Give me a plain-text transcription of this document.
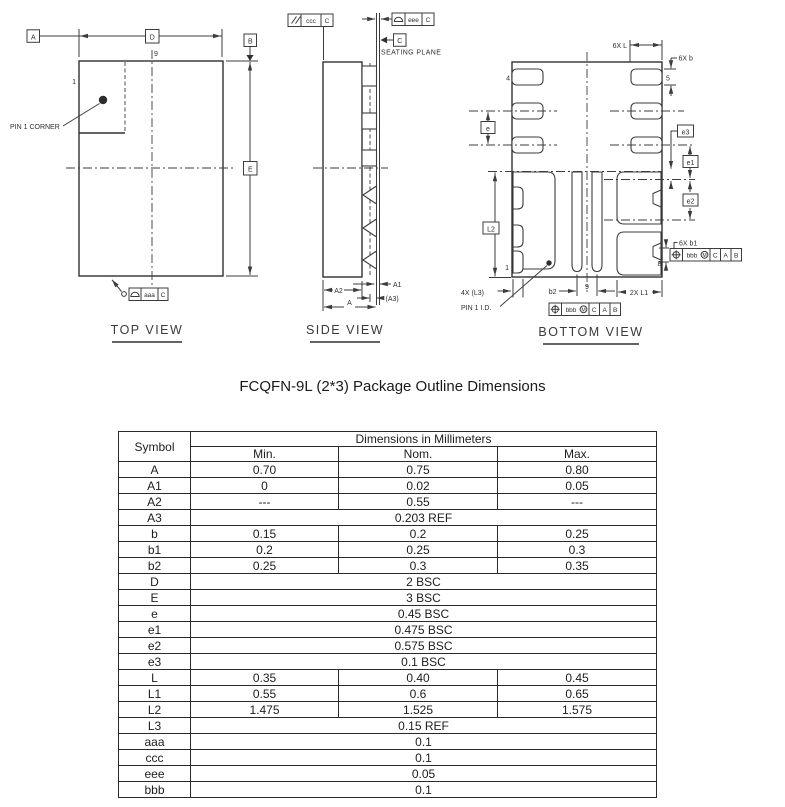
PIN 1 CORNER
9
1
A	D
E
B
aaa C
TOP VIEW
ccc C	eee C
C
SEATING PLANE
A1
A2
(A3)
A
SIDE VIEW
4	5
8
1
6X L
6X b
e	e3
e1
e2
L2
6X b1
bbb M C A B
b2
9
2X L1
4X (L3)
PIN 1 I.D.	bbb M C A B
BOTTOM VIEW
FCQFN-9L (2*3) Package Outline Dimensions
Symbol	Dimensions in Millimeters		
	Min.	Nom.	Max.
A	0.70	0.75	0.80
A1	0	0.02	0.05
A2	---	0.55	---
A3	0.203 REF		
b	0.15	0.2	0.25
b1	0.2	0.25	0.3
b2	0.25	0.3	0.35
D	2 BSC		
E	3 BSC		
e	0.45 BSC		
e1	0.475 BSC		
e2	0.575 BSC		
e3	0.1 BSC		
L	0.35	0.40	0.45
L1	0.55	0.6	0.65
L2	1.475	1.525	1.575
L3	0.15 REF		
aaa	0.1		
ccc	0.1		
eee	0.05		
bbb	0.1		
